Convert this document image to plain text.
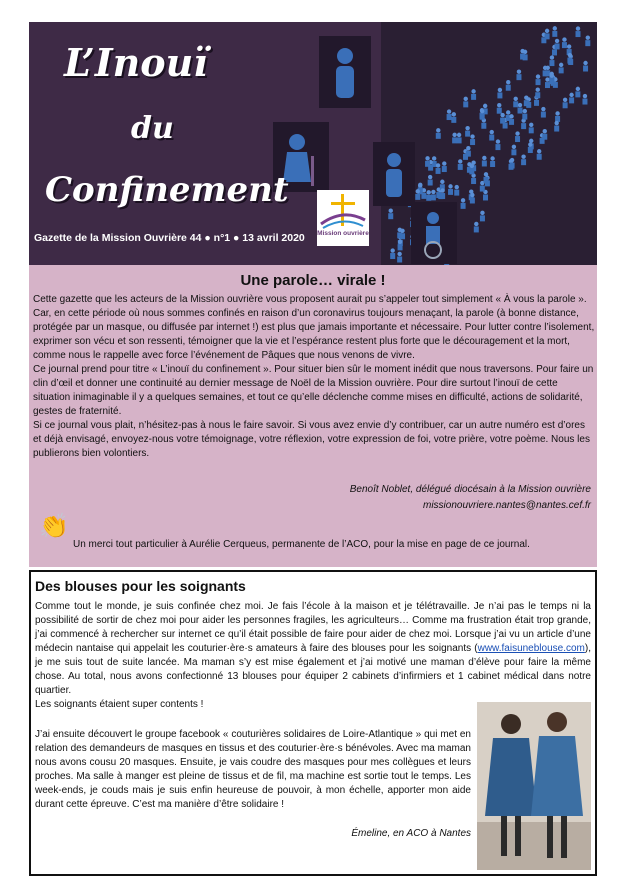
L’Inouï
du
Confinement
Gazette de la Mission Ouvrière 44 ● n°1 ● 13 avril 2020 Mission ouvrière
Une parole… virale !

Cette gazette que les acteurs de la Mission ouvrière vous proposent aurait pu s’appeler tout simplement « À vous la parole ». Car, en cette période où nous sommes confinés en raison d’un coronavirus toujours menaçant, la parole (à bonne distance, protégée par un masque, ou diffusée par internet !) est plus que jamais importante et nécessaire. Pour lutter contre l’isolement, exprimer son vécu et son ressenti, témoigner que la vie et l’espérance restent plus forte que le découragement et la mort, comme nous le rappelle avec force l’événement de Pâques que nous venons de vivre.

Ce journal prend pour titre « L’inouï du confinement ». Pour situer bien sûr le moment inédit que nous traversons. Pour faire un clin d’œil et donner une continuité au dernier message de Noël de la Mission ouvrière. Pour dire surtout l’inouï de cette situation inimaginable il y a quelques semaines, et tout ce qu’elle déclenche comme mises en difficulté, actions de solidarité, gestes de fraternité.

Si ce journal vous plait, n’hésitez-pas à nous le faire savoir. Si vous avez envie d’y contribuer, car un autre numéro est d’ores et déjà envisagé, envoyez-nous votre témoignage, votre réflexion, votre expression de foi, votre prière, votre poème. Nous les publierons bien volontiers.

Benoît Noblet, délégué diocésain à la Mission ouvrière
missionouvriere.nantes@nantes.cef.fr
👏
Un merci tout particulier à Aurélie Cerqueus, permanente de l’ACO, pour la mise en page de ce journal.
Des blouses pour les soignants
Comme tout le monde, je suis confinée chez moi. Je fais l’école à la maison et je télétravaille. Je n’ai pas le temps ni la possibilité de sortir de chez moi pour aider les personnes fragiles, les agriculteurs… Comme ma frustration était trop grande, j’ai commencé à rechercher sur internet ce qu’il était possible de faire pour aider de chez moi. Lorsque j’ai vu un article d’une médecin nantaise qui appelait les couturier·ère·s amateurs à faire des blouses pour les soignants (www.faisuneblouse.com), je me suis tout de suite lancée. Ma maman s’y est mise également et j’ai motivé une maman d’élève pour faire la même chose. Au total, nous avons confectionné 13 blouses pour équiper 2 cabinets d’infirmiers et 1 cabinet médical dans notre quartier.
Les soignants étaient super contents !
J’ai ensuite découvert le groupe facebook « couturières solidaires de Loire-Atlantique » qui met en relation des demandeurs de masques en tissus et des couturier·ère·s bénévoles. Avec ma maman nous avons cousu 20 masques. Ensuite, je vais coudre des masques pour mes collègues et leurs proches. Ma salle à manger est pleine de tissus et de fil, ma machine est sortie tout le temps. Les week-ends, je couds mais je suis enfin heureuse de pouvoir, à mon échelle, apporter mon aide durant cette épreuve. C’est ma manière d’être solidaire !
Émeline, en ACO à Nantes
